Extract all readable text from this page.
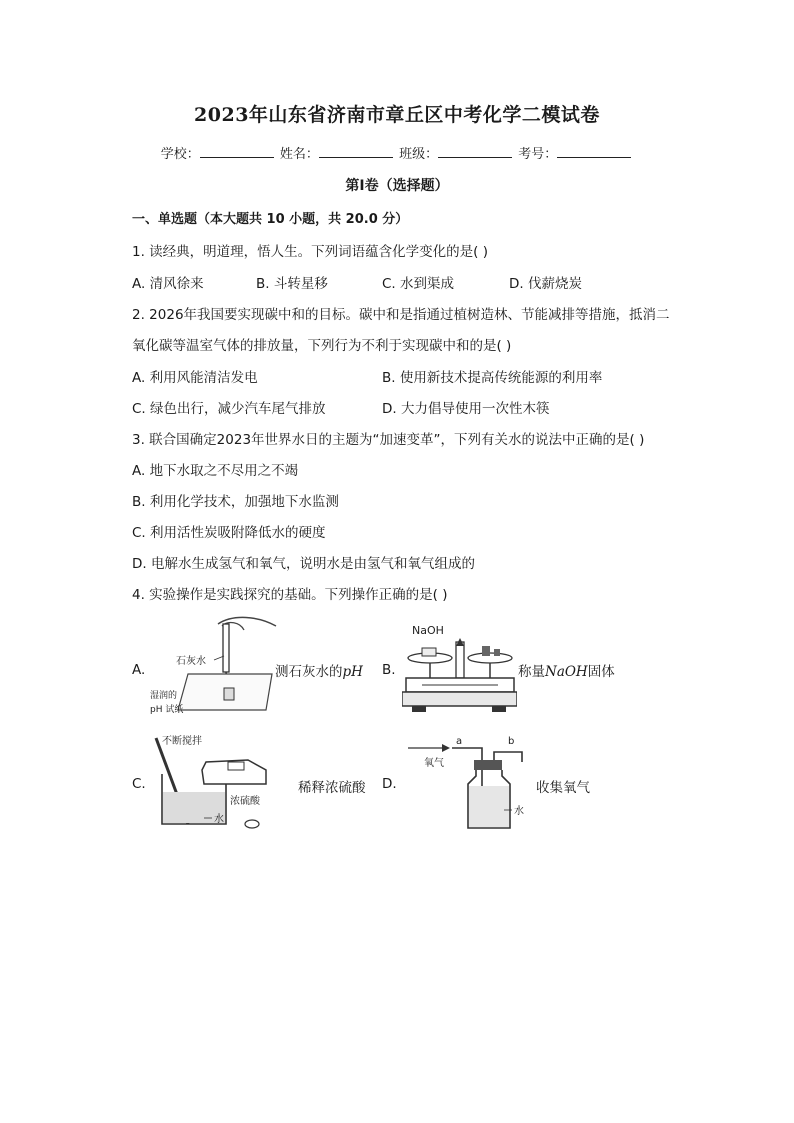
2023年山东省济南市章丘区中考化学二模试卷
学校：	姓名：	班级：	考号：
第Ⅰ卷（选择题）
一、单选题（本大题共 10 小题，共 20.0 分）
1. 读经典，明道理，悟人生。下列词语蕴含化学变化的是( )
A. 清风徐来	B. 斗转星移	C. 水到渠成	D. 伐薪烧炭
2. 2026年我国要实现碳中和的目标。碳中和是指通过植树造林、节能减排等措施，抵消二
氧化碳等温室气体的排放量，下列行为不利于实现碳中和的是( )
A. 利用风能清洁发电	B. 使用新技术提高传统能源的利用率
C. 绿色出行，减少汽车尾气排放	D. 大力倡导使用一次性木筷
3. 联合国确定2023年世界水日的主题为“加速变革”，下列有关水的说法中正确的是( )
A. 地下水取之不尽用之不竭
B. 利用化学技术，加强地下水监测
C. 利用活性炭吸附降低水的硬度
D. 电解水生成氢气和氧气，说明水是由氢气和氧气组成的
4. 实验操作是实践探究的基础。下列操作正确的是( )
A.
石灰水
湿润的
pH 试纸
测石灰水的pH B.
NaOH
称量NaOH固体
C.
不断搅拌
浓硫酸
水
稀释浓硫酸 D.
a	b
氧气
水
收集氧气
